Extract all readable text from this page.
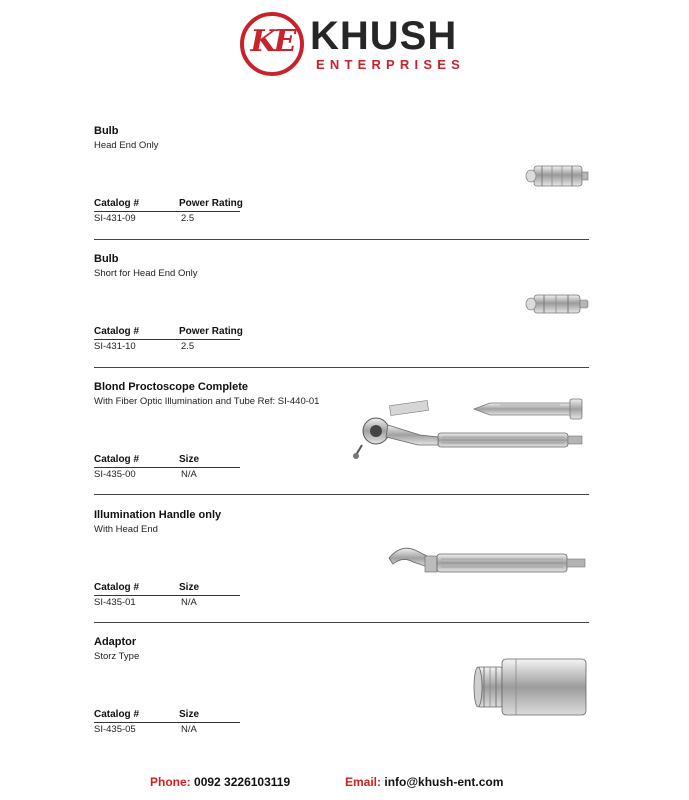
KE KHUSH
ENTERPRISES
Bulb
Head End Only
Catalog #	Power Rating
SI-431-09	2.5
Bulb
Short for Head End Only
Catalog #	Power Rating
SI-431-10	2.5
Blond Proctoscope Complete
With Fiber Optic Illumination and Tube Ref: SI-440-01
Catalog #	Size
SI-435-00	N/A
Illumination Handle only
With Head End
Catalog #	Size
SI-435-01	N/A
Adaptor
Storz Type
Catalog #	Size
SI-435-05	N/A
Phone: 0092 3226103119	Email: info@khush-ent.com
